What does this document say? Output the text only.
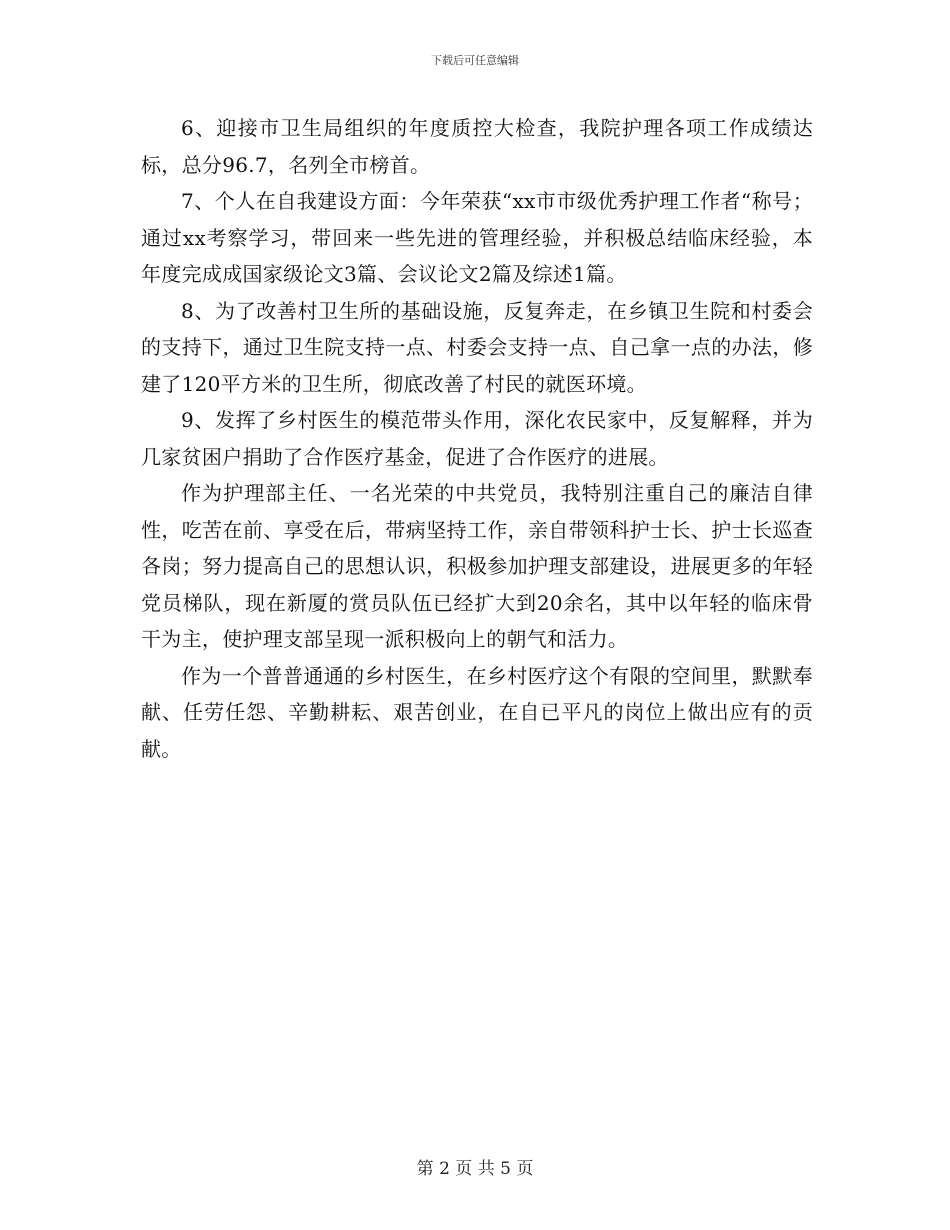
下载后可任意编辑

6、迎接市卫生局组织的年度质控大检查，我院护理各项工作成绩达标，总分96.7，名列全市榜首。

7、个人在自我建设方面：今年荣获“xx市市级优秀护理工作者“称号；通过xx考察学习，带回来一些先进的管理经验，并积极总结临床经验，本年度完成成国家级论文3篇、会议论文2篇及综述1篇。

8、为了改善村卫生所的基础设施，反复奔走，在乡镇卫生院和村委会的支持下，通过卫生院支持一点、村委会支持一点、自己拿一点的办法，修建了120平方米的卫生所，彻底改善了村民的就医环境。

9、发挥了乡村医生的模范带头作用，深化农民家中，反复解释，并为几家贫困户捐助了合作医疗基金，促进了合作医疗的进展。

作为护理部主任、一名光荣的中共党员，我特别注重自己的廉洁自律性，吃苦在前、享受在后，带病坚持工作，亲自带领科护士长、护士长巡查各岗；努力提高自己的思想认识，积极参加护理支部建设，进展更多的年轻党员梯队，现在新厦的赏员队伍已经扩大到20余名，其中以年轻的临床骨干为主，使护理支部呈现一派积极向上的朝气和活力。

作为一个普普通通的乡村医生，在乡村医疗这个有限的空间里，默默奉献、任劳任怨、辛勤耕耘、艰苦创业，在自已平凡的岗位上做出应有的贡献。

第 2 页 共 5 页
